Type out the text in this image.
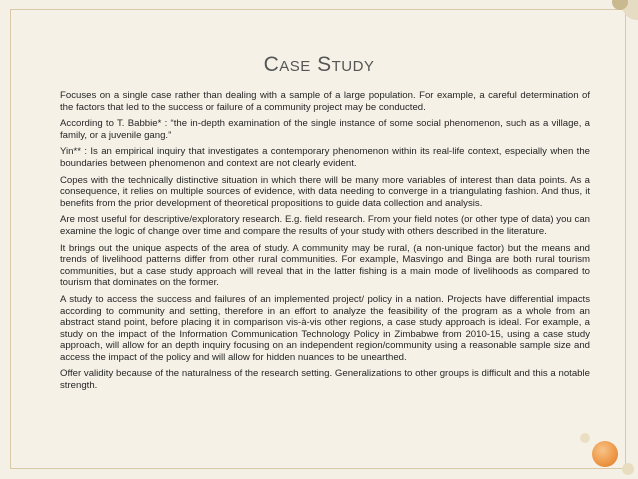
Case Study
Focuses on a single case rather than dealing with a sample of a large population. For example, a careful determination of the factors that led to the success or failure of a community project may be conducted.
According to T. Babbie* : “the in-depth examination of the single instance of some social phenomenon, such as a village, a family, or a juvenile gang.”
Yin** : Is an empirical inquiry that investigates a contemporary phenomenon within its real-life context, especially when the boundaries between phenomenon and context are not clearly evident.
Copes with the technically distinctive situation in which there will be many more variables of interest than data points. As a consequence, it relies on multiple sources of evidence, with data needing to converge in a triangulating fashion. And thus, it benefits from the prior development of theoretical propositions to guide data collection and analysis.
Are most useful for descriptive/exploratory research. E.g. field research. From your field notes (or other type of data) you can examine the logic of change over time and compare the results of your study with others described in the literature.
It brings out the unique aspects of the area of study. A community may be rural, (a non-unique factor) but the means and trends of livelihood patterns differ from other rural communities. For example, Masvingo and Binga are both rural tourism communities, but a case study approach will reveal that in the latter fishing is a main mode of livelihoods as compared to tourism that dominates on the former.
A study to access the success and failures of an implemented project/ policy in a nation. Projects have differential impacts according to community and setting, therefore in an effort to analyze the feasibility of the program as a whole from an abstract stand point, before placing it in comparison vis-à-vis other regions, a case study approach is ideal. For example, a study on the impact of the Information Communication Technology Policy in Zimbabwe from 2010-15, using a case study approach, will allow for an depth inquiry focusing on an independent region/community using a reasonable sample size and access the impact of the policy and will allow for hidden nuances to be unearthed.
Offer validity because of the naturalness of the research setting. Generalizations to other groups is difficult and this a notable strength.
